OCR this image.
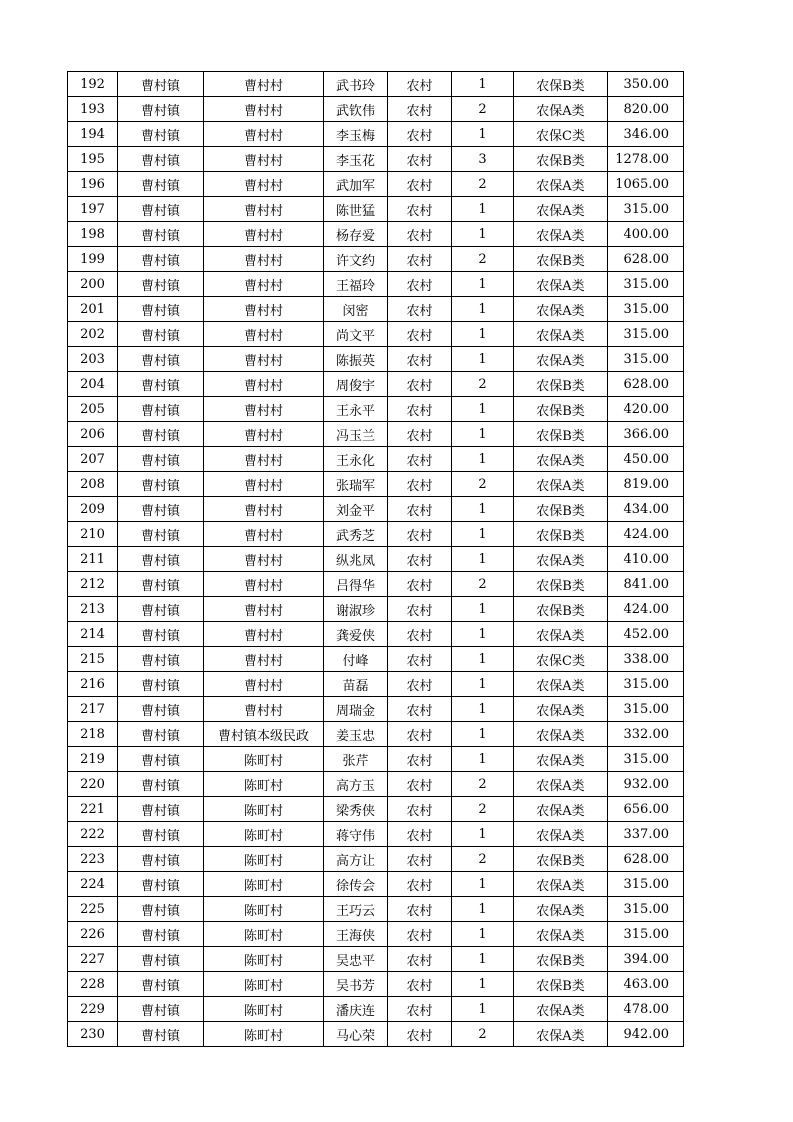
192	曹村镇	曹村村	武书玲	农村	1	农保B类	350.00
193	曹村镇	曹村村	武钦伟	农村	2	农保A类	820.00
194	曹村镇	曹村村	李玉梅	农村	1	农保C类	346.00
195	曹村镇	曹村村	李玉花	农村	3	农保B类	1278.00
196	曹村镇	曹村村	武加军	农村	2	农保A类	1065.00
197	曹村镇	曹村村	陈世猛	农村	1	农保A类	315.00
198	曹村镇	曹村村	杨存爱	农村	1	农保A类	400.00
199	曹村镇	曹村村	许文约	农村	2	农保B类	628.00
200	曹村镇	曹村村	王福玲	农村	1	农保A类	315.00
201	曹村镇	曹村村	闵密	农村	1	农保A类	315.00
202	曹村镇	曹村村	尚文平	农村	1	农保A类	315.00
203	曹村镇	曹村村	陈振英	农村	1	农保A类	315.00
204	曹村镇	曹村村	周俊宇	农村	2	农保B类	628.00
205	曹村镇	曹村村	王永平	农村	1	农保B类	420.00
206	曹村镇	曹村村	冯玉兰	农村	1	农保B类	366.00
207	曹村镇	曹村村	王永化	农村	1	农保A类	450.00
208	曹村镇	曹村村	张瑞军	农村	2	农保A类	819.00
209	曹村镇	曹村村	刘金平	农村	1	农保B类	434.00
210	曹村镇	曹村村	武秀芝	农村	1	农保B类	424.00
211	曹村镇	曹村村	纵兆凤	农村	1	农保A类	410.00
212	曹村镇	曹村村	吕得华	农村	2	农保B类	841.00
213	曹村镇	曹村村	谢淑珍	农村	1	农保B类	424.00
214	曹村镇	曹村村	龚爱侠	农村	1	农保A类	452.00
215	曹村镇	曹村村	付峰	农村	1	农保C类	338.00
216	曹村镇	曹村村	苗磊	农村	1	农保A类	315.00
217	曹村镇	曹村村	周瑞金	农村	1	农保A类	315.00
218	曹村镇	曹村镇本级民政	姜玉忠	农村	1	农保A类	332.00
219	曹村镇	陈町村	张芹	农村	1	农保A类	315.00
220	曹村镇	陈町村	高方玉	农村	2	农保A类	932.00
221	曹村镇	陈町村	梁秀侠	农村	2	农保A类	656.00
222	曹村镇	陈町村	蒋守伟	农村	1	农保A类	337.00
223	曹村镇	陈町村	高方让	农村	2	农保B类	628.00
224	曹村镇	陈町村	徐传会	农村	1	农保A类	315.00
225	曹村镇	陈町村	王巧云	农村	1	农保A类	315.00
226	曹村镇	陈町村	王海侠	农村	1	农保A类	315.00
227	曹村镇	陈町村	吴忠平	农村	1	农保B类	394.00
228	曹村镇	陈町村	吴书芳	农村	1	农保B类	463.00
229	曹村镇	陈町村	潘庆连	农村	1	农保A类	478.00
230	曹村镇	陈町村	马心荣	农村	2	农保A类	942.00
